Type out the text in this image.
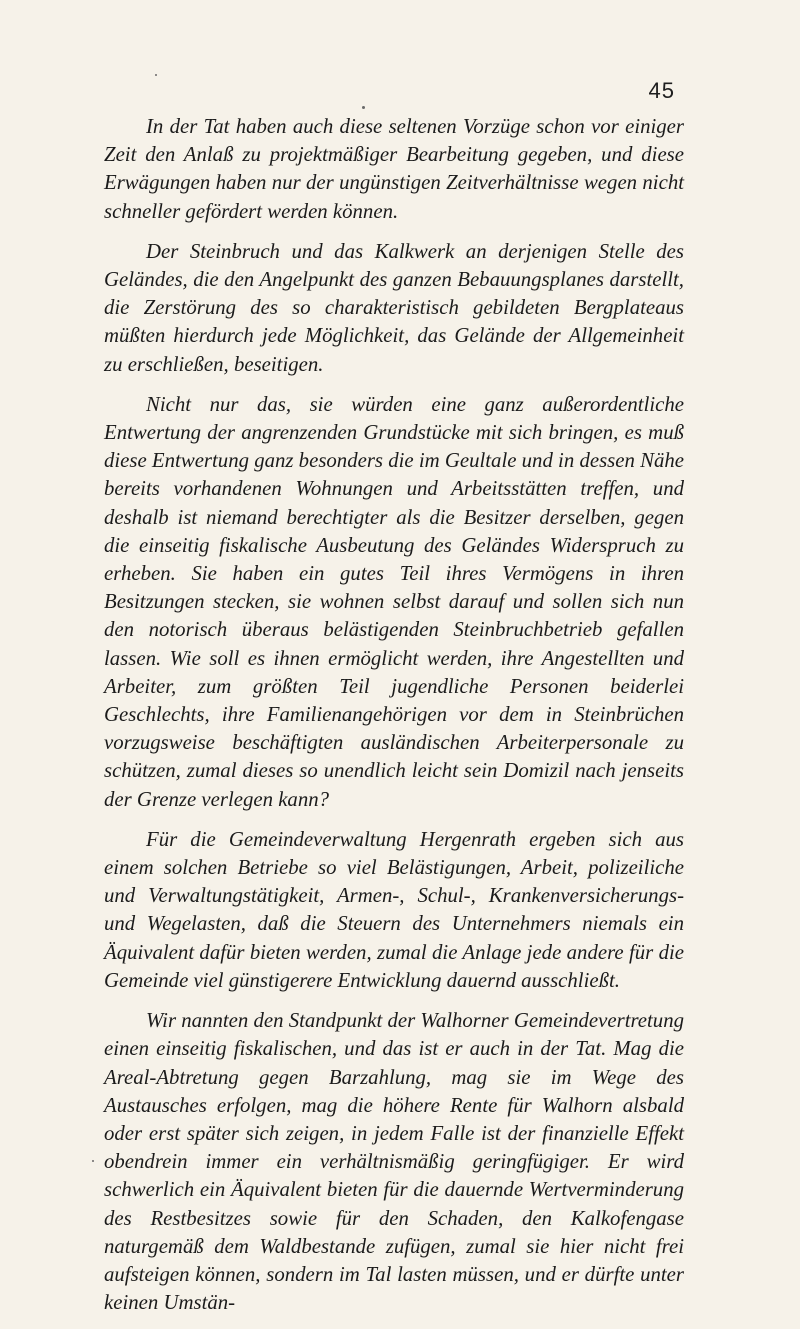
45

In der Tat haben auch diese seltenen Vorzüge schon vor einiger Zeit den Anlaß zu projektmäßiger Bearbeitung gegeben, und diese Erwägungen haben nur der ungünstigen Zeitverhältnisse wegen nicht schneller gefördert werden können.

Der Steinbruch und das Kalkwerk an derjenigen Stelle des Geländes, die den Angelpunkt des ganzen Bebauungsplanes darstellt, die Zerstörung des so charakteristisch gebildeten Bergplateaus müßten hierdurch jede Möglichkeit, das Gelände der Allgemeinheit zu erschließen, beseitigen.

Nicht nur das, sie würden eine ganz außerordentliche Entwertung der angrenzenden Grundstücke mit sich bringen, es muß diese Entwertung ganz besonders die im Geultale und in dessen Nähe bereits vorhandenen Wohnungen und Arbeitsstätten treffen, und deshalb ist niemand berechtigter als die Besitzer derselben, gegen die einseitig fiskalische Ausbeutung des Geländes Widerspruch zu erheben. Sie haben ein gutes Teil ihres Vermögens in ihren Besitzungen stecken, sie wohnen selbst darauf und sollen sich nun den notorisch überaus belästigenden Steinbruchbetrieb gefallen lassen. Wie soll es ihnen ermöglicht werden, ihre Angestellten und Arbeiter, zum größten Teil jugendliche Personen beiderlei Geschlechts, ihre Familienangehörigen vor dem in Steinbrüchen vorzugsweise beschäftigten ausländischen Arbeiterpersonale zu schützen, zumal dieses so unendlich leicht sein Domizil nach jenseits der Grenze verlegen kann?

Für die Gemeindeverwaltung Hergenrath ergeben sich aus einem solchen Betriebe so viel Belästigungen, Arbeit, polizeiliche und Verwaltungstätigkeit, Armen-, Schul-, Krankenversicherungs- und Wegelasten, daß die Steuern des Unternehmers niemals ein Äquivalent dafür bieten werden, zumal die Anlage jede andere für die Gemeinde viel günstigerere Entwicklung dauernd ausschließt.

Wir nannten den Standpunkt der Walhorner Gemeindevertretung einen einseitig fiskalischen, und das ist er auch in der Tat. Mag die Areal-Abtretung gegen Barzahlung, mag sie im Wege des Austausches erfolgen, mag die höhere Rente für Walhorn alsbald oder erst später sich zeigen, in jedem Falle ist der finanzielle Effekt obendrein immer ein verhältnismäßig geringfügiger. Er wird schwerlich ein Äquivalent bieten für die dauernde Wertverminderung des Restbesitzes sowie für den Schaden, den Kalkofengase naturgemäß dem Waldbestande zufügen, zumal sie hier nicht frei aufsteigen können, sondern im Tal lasten müssen, und er dürfte unter keinen Umstän-
